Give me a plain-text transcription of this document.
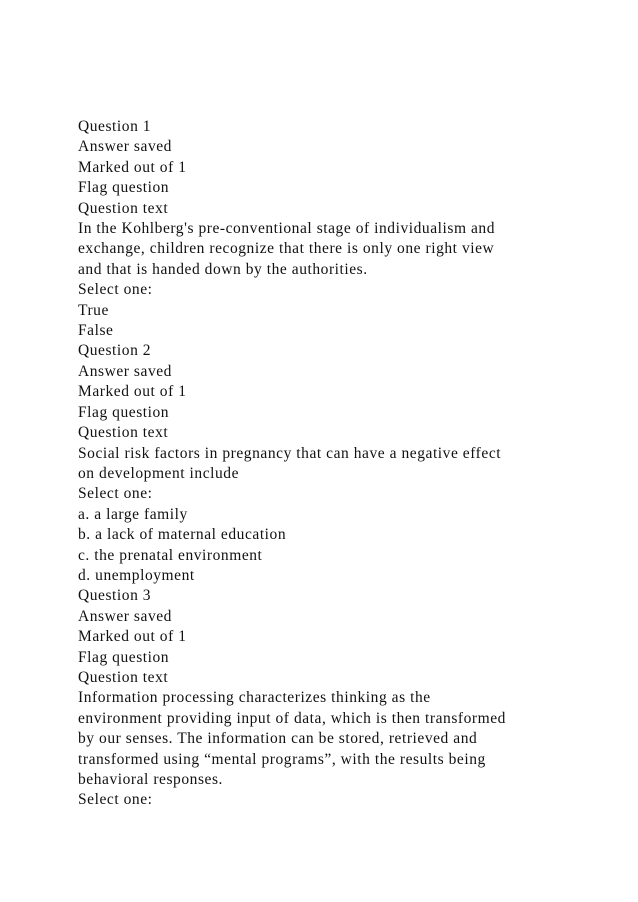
Question 1
Answer saved
Marked out of 1
Flag question
Question text
In the Kohlberg's pre-conventional stage of individualism and
exchange, children recognize that there is only one right view
and that is handed down by the authorities.
Select one:
True
False
Question 2
Answer saved
Marked out of 1
Flag question
Question text
Social risk factors in pregnancy that can have a negative effect
on development include
Select one:
a. a large family
b. a lack of maternal education
c. the prenatal environment
d. unemployment
Question 3
Answer saved
Marked out of 1
Flag question
Question text
Information processing characterizes thinking as the
environment providing input of data, which is then transformed
by our senses. The information can be stored, retrieved and
transformed using “mental programs”, with the results being
behavioral responses.
Select one:
